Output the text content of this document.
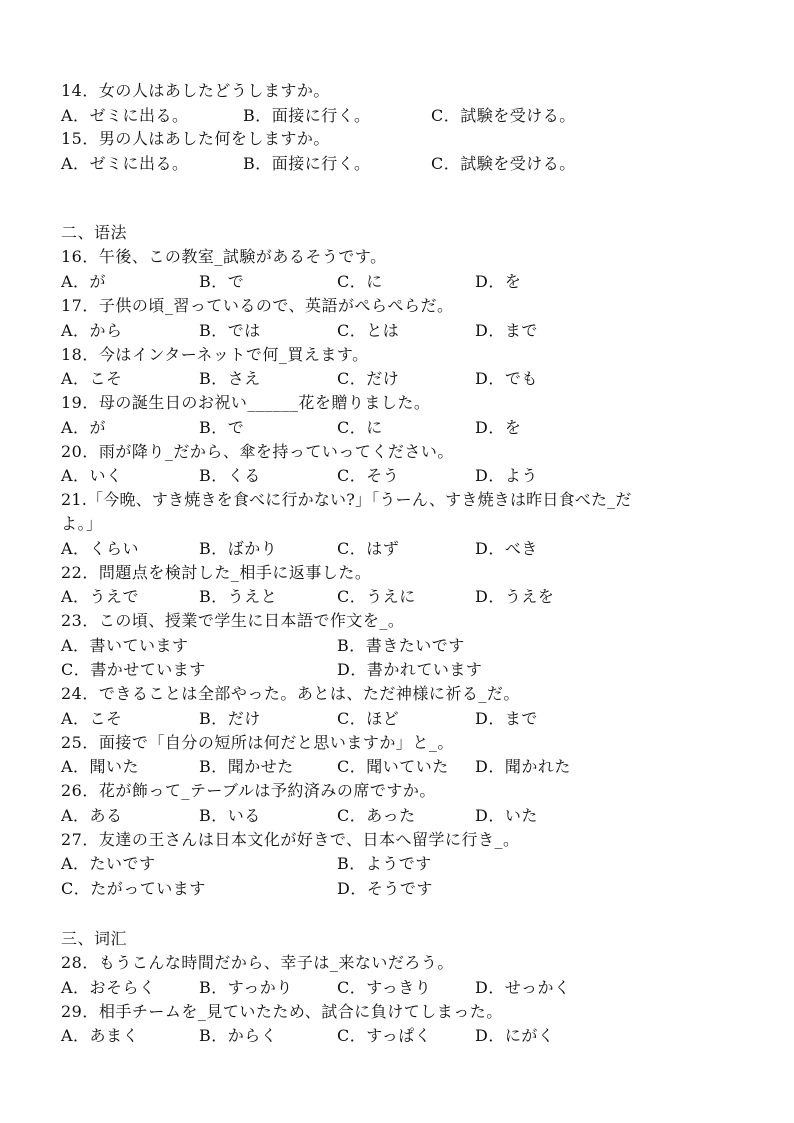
14．女の人はあしたどうしますか。
A．ゼミに出る。	B．面接に行く。	C．試験を受ける。
15．男の人はあした何をしますか。
A．ゼミに出る。	B．面接に行く。	C．試験を受ける。
二、语法
16．午後、この教室_試験があるそうです。
A．が	B．で	C．に	D．を
17．子供の頃_習っているので、英語がぺらぺらだ。
A．から	B．では	C．とは	D．まで
18．今はインターネットで何_買えます。
A．こそ	B．さえ	C．だけ	D．でも
19．母の誕生日のお祝い______花を贈りました。
A．が	B．で	C．に	D．を
20．雨が降り_だから、傘を持っていってください。
A．いく	B．くる	C．そう	D．よう
21.「今晩、すき焼きを食べに行かない?」「うーん、すき焼きは昨日食べた_だ
よ。」
A．くらい	B．ばかり	C．はず	D．べき
22．問題点を検討した_相手に返事した。
A．うえで	B．うえと	C．うえに	D．うえを
23．この頃、授業で学生に日本語で作文を_。
A．書いています	B．書きたいです
C．書かせています	D．書かれています
24．できることは全部やった。あとは、ただ神様に祈る_だ。
A．こそ	B．だけ	C．ほど	D．まで
25．面接で「自分の短所は何だと思いますか」と_。
A．聞いた	B．聞かせた	C．聞いていた D．聞かれた
26．花が飾って_テーブルは予約済みの席ですか。
A．ある	B．いる	C．あった	D．いた
27．友達の王さんは日本文化が好きで、日本へ留学に行き_。
A．たいです	B．ようです
C．たがっています	D．そうです
三、词汇
28．もうこんな時間だから、幸子は_来ないだろう。
A．おそらく	B．すっかり	C．すっきり	D．せっかく
29．相手チームを_見ていたため、試合に負けてしまった。
A．あまく	B．からく	C．すっぱく	D．にがく
